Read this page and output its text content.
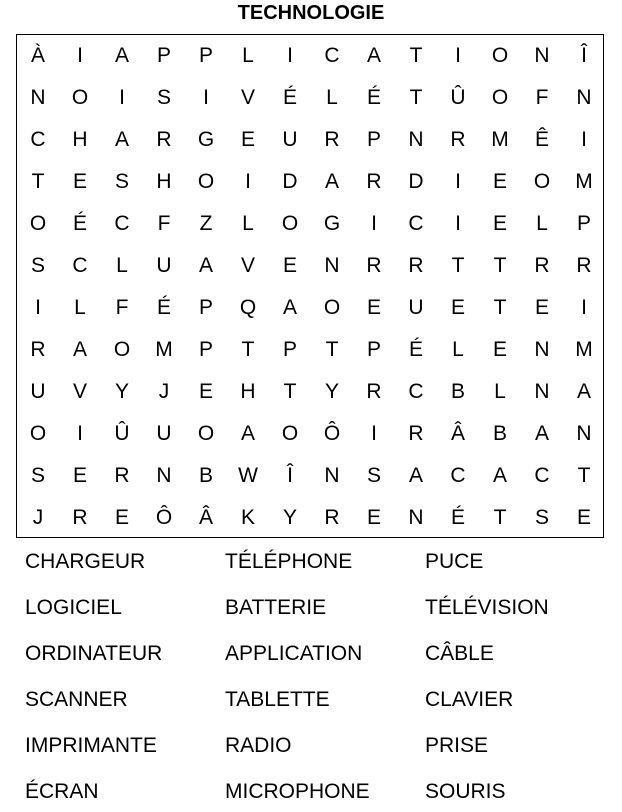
TECHNOLOGIE
À	I	A	P	P	L	I	C	A	T	I	O	N	Î
N	O	I	S	I	V	É	L	É	T	Û	O	F	N
C	H	A	R	G	E	U	R	P	N	R	M	Ê	I
T	E	S	H	O	I	D	A	R	D	I	E	O	M
O	É	C	F	Z	L	O	G	I	C	I	E	L	P
S	C	L	U	A	V	E	N	R	R	T	T	R	R
I	L	F	É	P	Q	A	O	E	U	E	T	E	I
R	A	O	M	P	T	P	T	P	É	L	E	N	M
U	V	Y	J	E	H	T	Y	R	C	B	L	N	A
O	I	Û	U	O	A	O	Ô	I	R	Â	B	A	N
S	E	R	N	B	W	Î	N	S	A	C	A	C	T
J	R	E	Ô	Â	K	Y	R	E	N	É	T	S	E
CHARGEUR	TÉLÉPHONE	PUCE
LOGICIEL	BATTERIE	TÉLÉVISION
ORDINATEUR	APPLICATION	CÂBLE
SCANNER	TABLETTE	CLAVIER
IMPRIMANTE	RADIO	PRISE
ÉCRAN	MICROPHONE	SOURIS
